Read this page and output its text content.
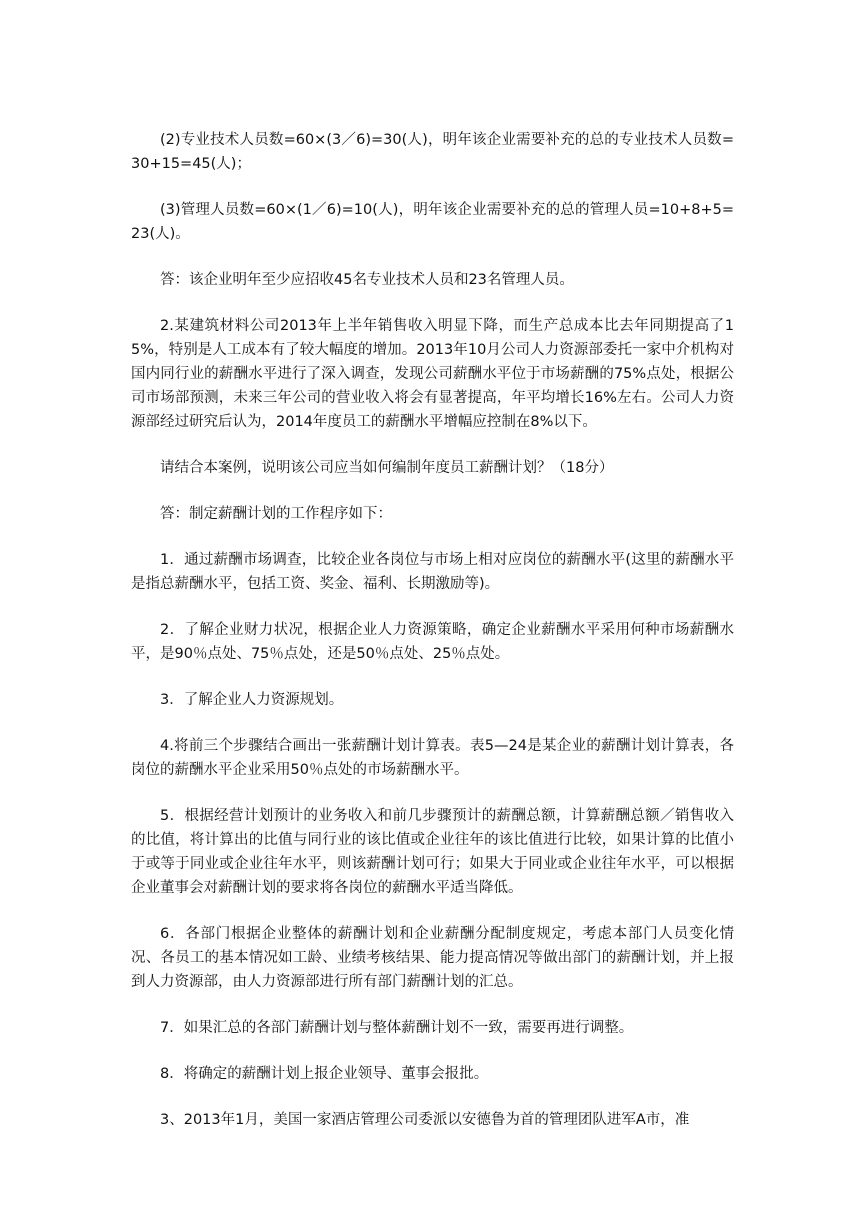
(2)专业技术人员数=60×(3／6)=30(人)，明年该企业需要补充的总的专业技术人员数=30+15=45(人)；

(3)管理人员数=60×(1／6)=10(人)，明年该企业需要补充的总的管理人员=10+8+5=23(人)。

答：该企业明年至少应招收45名专业技术人员和23名管理人员。

2.某建筑材料公司2013年上半年销售收入明显下降，而生产总成本比去年同期提高了15%，特别是人工成本有了较大幅度的增加。2013年10月公司人力资源部委托一家中介机构对国内同行业的薪酬水平进行了深入调查，发现公司薪酬水平位于市场薪酬的75%点处，根据公司市场部预测，未来三年公司的营业收入将会有显著提高，年平均增长16%左右。公司人力资源部经过研究后认为，2014年度员工的薪酬水平增幅应控制在8%以下。

请结合本案例，说明该公司应当如何编制年度员工薪酬计划？（18分）

答：制定薪酬计划的工作程序如下：

1．通过薪酬市场调查，比较企业各岗位与市场上相对应岗位的薪酬水平(这里的薪酬水平是指总薪酬水平，包括工资、奖金、福利、长期激励等)。

2．了解企业财力状况，根据企业人力资源策略，确定企业薪酬水平采用何种市场薪酬水平，是90％点处、75％点处，还是50％点处、25％点处。

3．了解企业人力资源规划。

4.将前三个步骤结合画出一张薪酬计划计算表。表5—24是某企业的薪酬计划计算表，各岗位的薪酬水平企业采用50％点处的市场薪酬水平。

5．根据经营计划预计的业务收入和前几步骤预计的薪酬总额，计算薪酬总额／销售收入的比值，将计算出的比值与同行业的该比值或企业往年的该比值进行比较，如果计算的比值小于或等于同业或企业往年水平，则该薪酬计划可行；如果大于同业或企业往年水平，可以根据企业董事会对薪酬计划的要求将各岗位的薪酬水平适当降低。

6．各部门根据企业整体的薪酬计划和企业薪酬分配制度规定，考虑本部门人员变化情况、各员工的基本情况如工龄、业绩考核结果、能力提高情况等做出部门的薪酬计划，并上报到人力资源部，由人力资源部进行所有部门薪酬计划的汇总。

7．如果汇总的各部门薪酬计划与整体薪酬计划不一致，需要再进行调整。

8．将确定的薪酬计划上报企业领导、董事会报批。

3、2013年1月，美国一家酒店管理公司委派以安德鲁为首的管理团队进军A市，准
